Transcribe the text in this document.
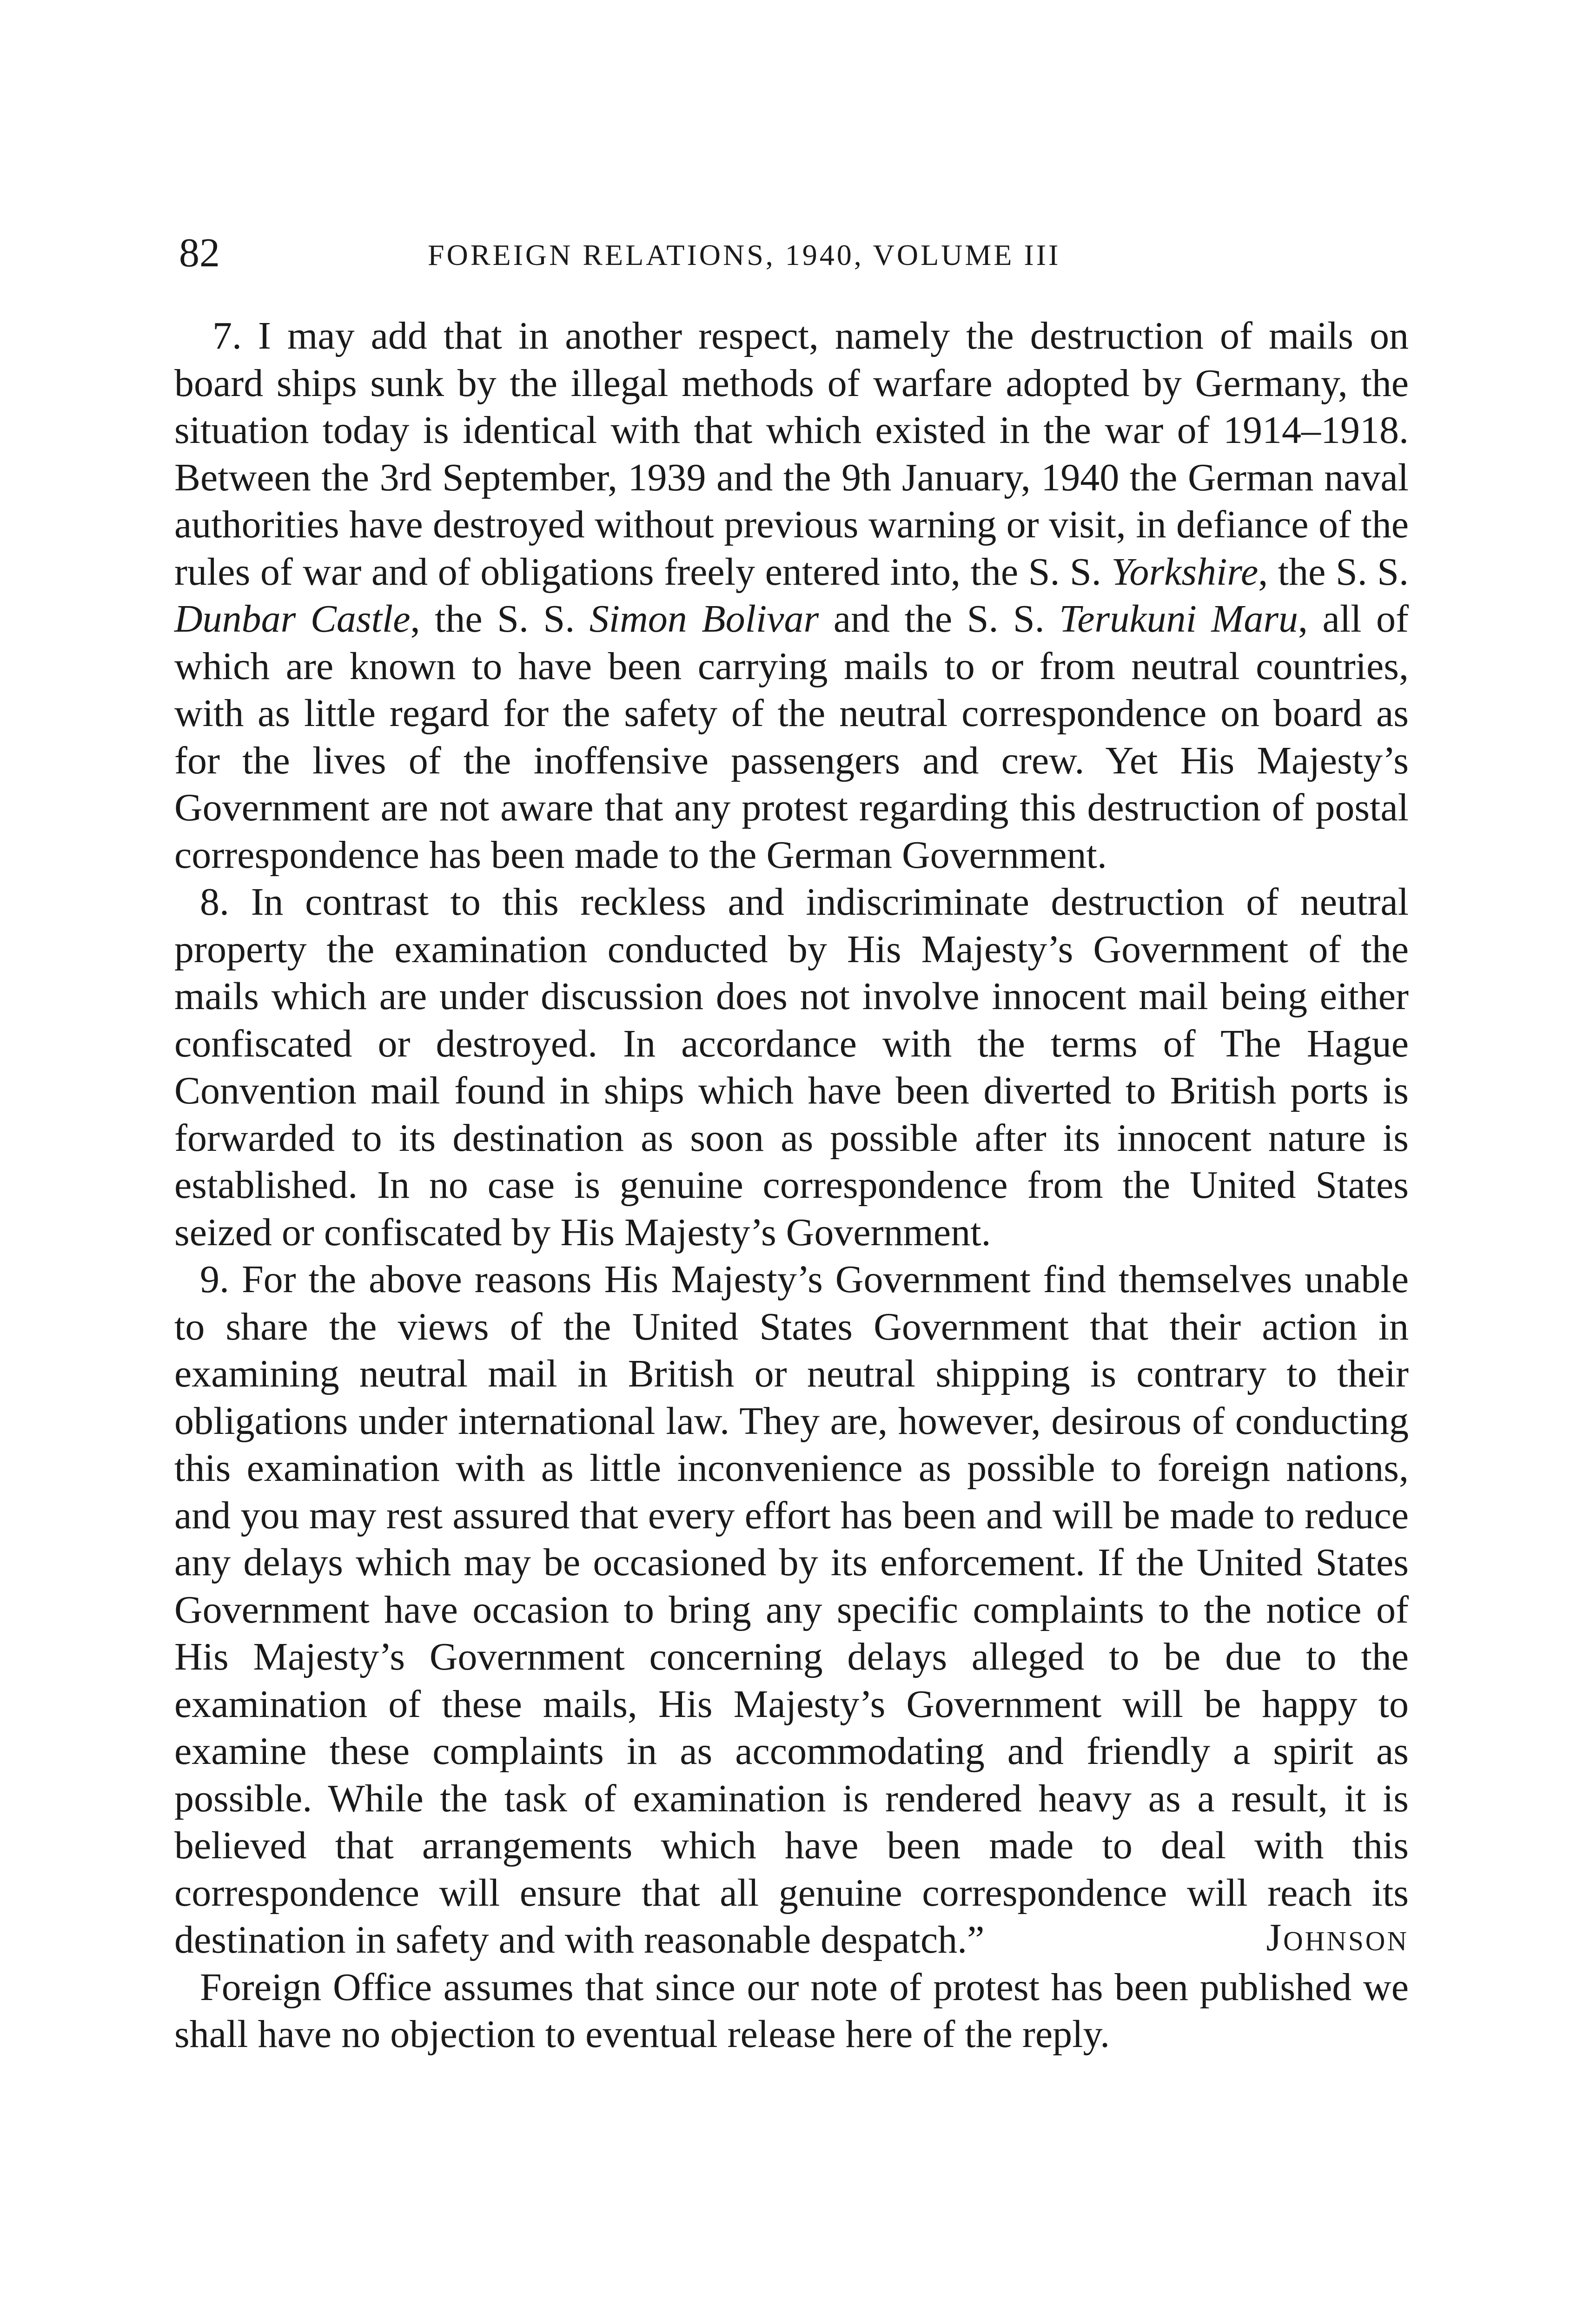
82	FOREIGN RELATIONS, 1940, VOLUME III

7. I may add that in another respect, namely the destruction of mails on board ships sunk by the illegal methods of warfare adopted by Germany, the situation today is identical with that which existed in the war of 1914–1918. Between the 3rd September, 1939 and the 9th January, 1940 the German naval authorities have destroyed without previous warning or visit, in defiance of the rules of war and of obligations freely entered into, the S. S. Yorkshire, the S. S. Dunbar Castle, the S. S. Simon Bolivar and the S. S. Teruk​uni Maru, all of which are known to have been carrying mails to or from neutral countries, with as little regard for the safety of the neutral correspondence on board as for the lives of the inoffensive passengers and crew. Yet His Majesty’s Government are not aware that any protest regarding this destruction of postal correspondence has been made to the German Government.

8. In contrast to this reckless and indiscriminate destruction of neutral property the examination conducted by His Majesty’s Government of the mails which are under discussion does not involve innocent mail being either confiscated or destroyed. In accordance with the terms of The Hague Convention mail found in ships which have been diverted to British ports is forwarded to its destination as soon as possible after its innocent nature is established. In no case is genuine correspondence from the United States seized or confiscated by His Majesty’s Government.

9. For the above reasons His Majesty’s Government find themselves unable to share the views of the United States Government that their action in examining neutral mail in British or neutral shipping is contrary to their obligations under international law. They are, however, desirous of conducting this examination with as little inconvenience as possible to foreign nations, and you may rest assured that every effort has been and will be made to reduce any delays which may be occasioned by its enforcement. If the United States Government have occasion to bring any specific complaints to the notice of His Majesty’s Government concerning delays alleged to be due to the examination of these mails, His Majesty’s Government will be happy to examine these complaints in as accommodating and friendly a spirit as possible. While the task of examination is rendered heavy as a result, it is believed that arrangements which have been made to deal with this correspondence will ensure that all genuine correspondence will reach its destination in safety and with reasonable despatch.”

Foreign Office assumes that since our note of protest has been published we shall have no objection to eventual release here of the reply.

Johnson
